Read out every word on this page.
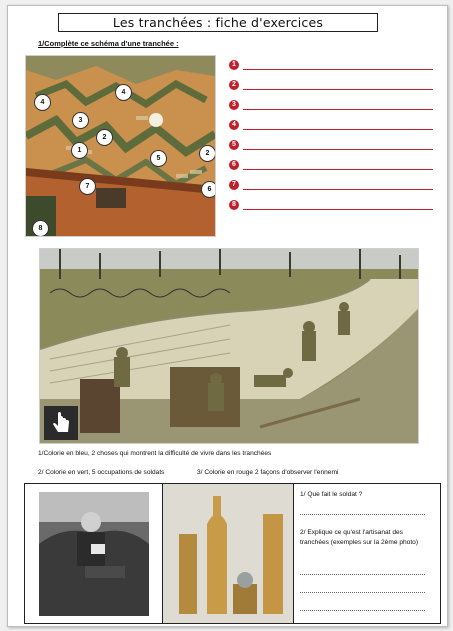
Les tranchées : fiche d'exercices
1/Complète ce schéma d'une tranchée :
4
4
3
2
1
5
2
7	6
8
1
2
3
4
5
6
7
8
1/Colorie en bleu, 2 choses qui montrent la difficulté de vivre dans les tranchées
2/ Colorie en vert, 5 occupations de soldats	3/ Colorie en rouge 2 façons d'observer l'ennemi
1/ Que fait le soldat ?
2/ Explique ce qu'est l'artisanat des tranchées (exemples sur la 2ème photo)
